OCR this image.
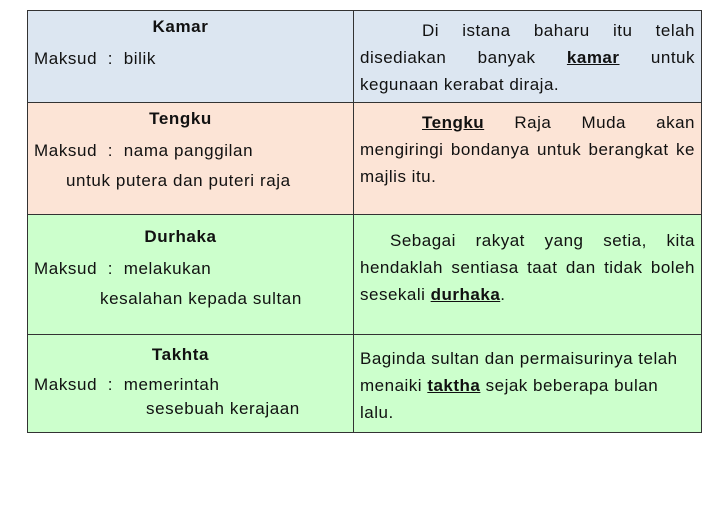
Kamar
Maksud  :  bilik	Di istana baharu itu telah disediakan banyak kamar untuk kegunaan kerabat diraja.

Tengku
Maksud  :  nama panggilan
untuk putera dan puteri raja	Tengku Raja Muda akan mengiringi bondanya untuk berangkat ke majlis itu.

Durhaka
Maksud  :  melakukan
kesalahan kepada sultan	Sebagai rakyat yang setia, kita hendaklah sentiasa taat dan tidak boleh sesekali durhaka.

Takhta
Maksud  :  memerintah
sesebuah kerajaan	Baginda sultan dan permaisurinya telah menaiki taktha sejak beberapa bulan lalu.
